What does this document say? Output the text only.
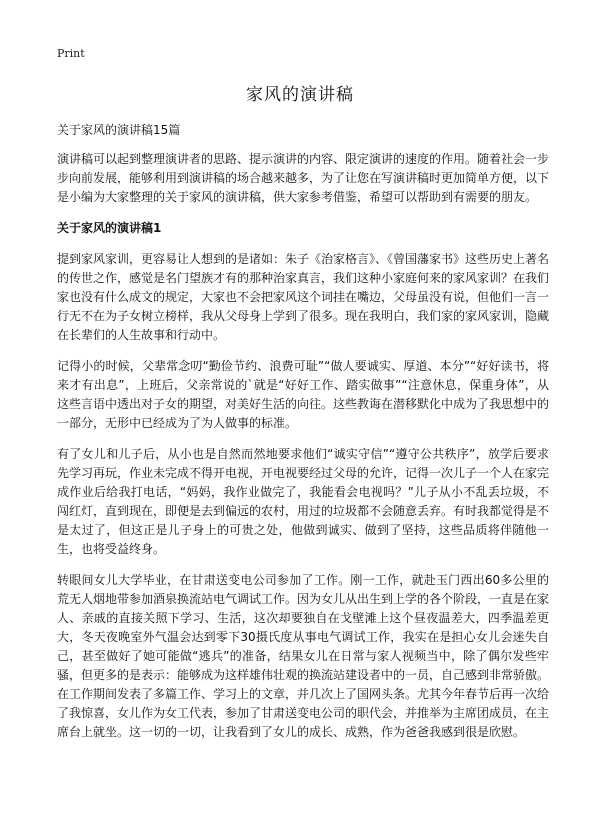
Print
家风的演讲稿
关于家风的演讲稿15篇

演讲稿可以起到整理演讲者的思路、提示演讲的内容、限定演讲的速度的作用。随着社会一步步向前发展，能够利用到演讲稿的场合越来越多，为了让您在写演讲稿时更加简单方便，以下是小编为大家整理的关于家风的演讲稿，供大家参考借鉴，希望可以帮助到有需要的朋友。

关于家风的演讲稿1

提到家风家训，更容易让人想到的是诸如：朱子《治家格言》、《曾国藩家书》这些历史上著名的传世之作，感觉是名门望族才有的那种治家真言，我们这种小家庭何来的家风家训？在我们家也没有什么成文的规定，大家也不会把家风这个词挂在嘴边，父母虽没有说，但他们一言一行无不在为子女树立榜样，我从父母身上学到了很多。现在我明白，我们家的家风家训，隐藏在长辈们的人生故事和行动中。

记得小的时候，父辈常念叨“勤俭节约、浪费可耻”“做人要诚实、厚道、本分”“好好读书，将来才有出息”，上班后，父亲常说的`就是“好好工作、踏实做事”“注意休息，保重身体”，从这些言语中透出对子女的期望，对美好生活的向往。这些教诲在潜移默化中成为了我思想中的一部分，无形中已经成为了为人做事的标准。

有了女儿和儿子后，从小也是自然而然地要求他们“诚实守信”“遵守公共秩序”，放学后要求先学习再玩，作业未完成不得开电视，开电视要经过父母的允许，记得一次儿子一个人在家完成作业后给我打电话，“妈妈，我作业做完了，我能看会电视吗？”儿子从小不乱丢垃圾，不闯红灯，直到现在，即便是去到偏远的农村，用过的垃圾都不会随意丢弃。有时我都觉得是不是太过了，但这正是儿子身上的可贵之处，他做到诚实、做到了坚持，这些品质将伴随他一生，也将受益终身。

转眼间女儿大学毕业，在甘肃送变电公司参加了工作。刚一工作，就赴玉门西出60多公里的荒无人烟地带参加酒泉换流站电气调试工作。因为女儿从出生到上学的各个阶段，一直是在家人、亲戚的直接关照下学习、生活，这次却要独自在戈壁滩上这个昼夜温差大，四季温差更大，冬天夜晚室外气温会达到零下30摄氏度从事电气调试工作，我实在是担心女儿会迷失自己，甚至做好了她可能做“逃兵”的准备，结果女儿在日常与家人视频当中，除了偶尔发些牢骚，但更多的是表示：能够成为这样雄伟壮观的换流站建设者中的一员，自己感到非常骄傲。在工作期间发表了多篇工作、学习上的文章，并几次上了国网头条。尤其今年春节后再一次给了我惊喜，女儿作为女工代表，参加了甘肃送变电公司的职代会，并推举为主席团成员，在主席台上就坐。这一切的一切，让我看到了女儿的成长、成熟，作为爸爸我感到很是欣慰。
